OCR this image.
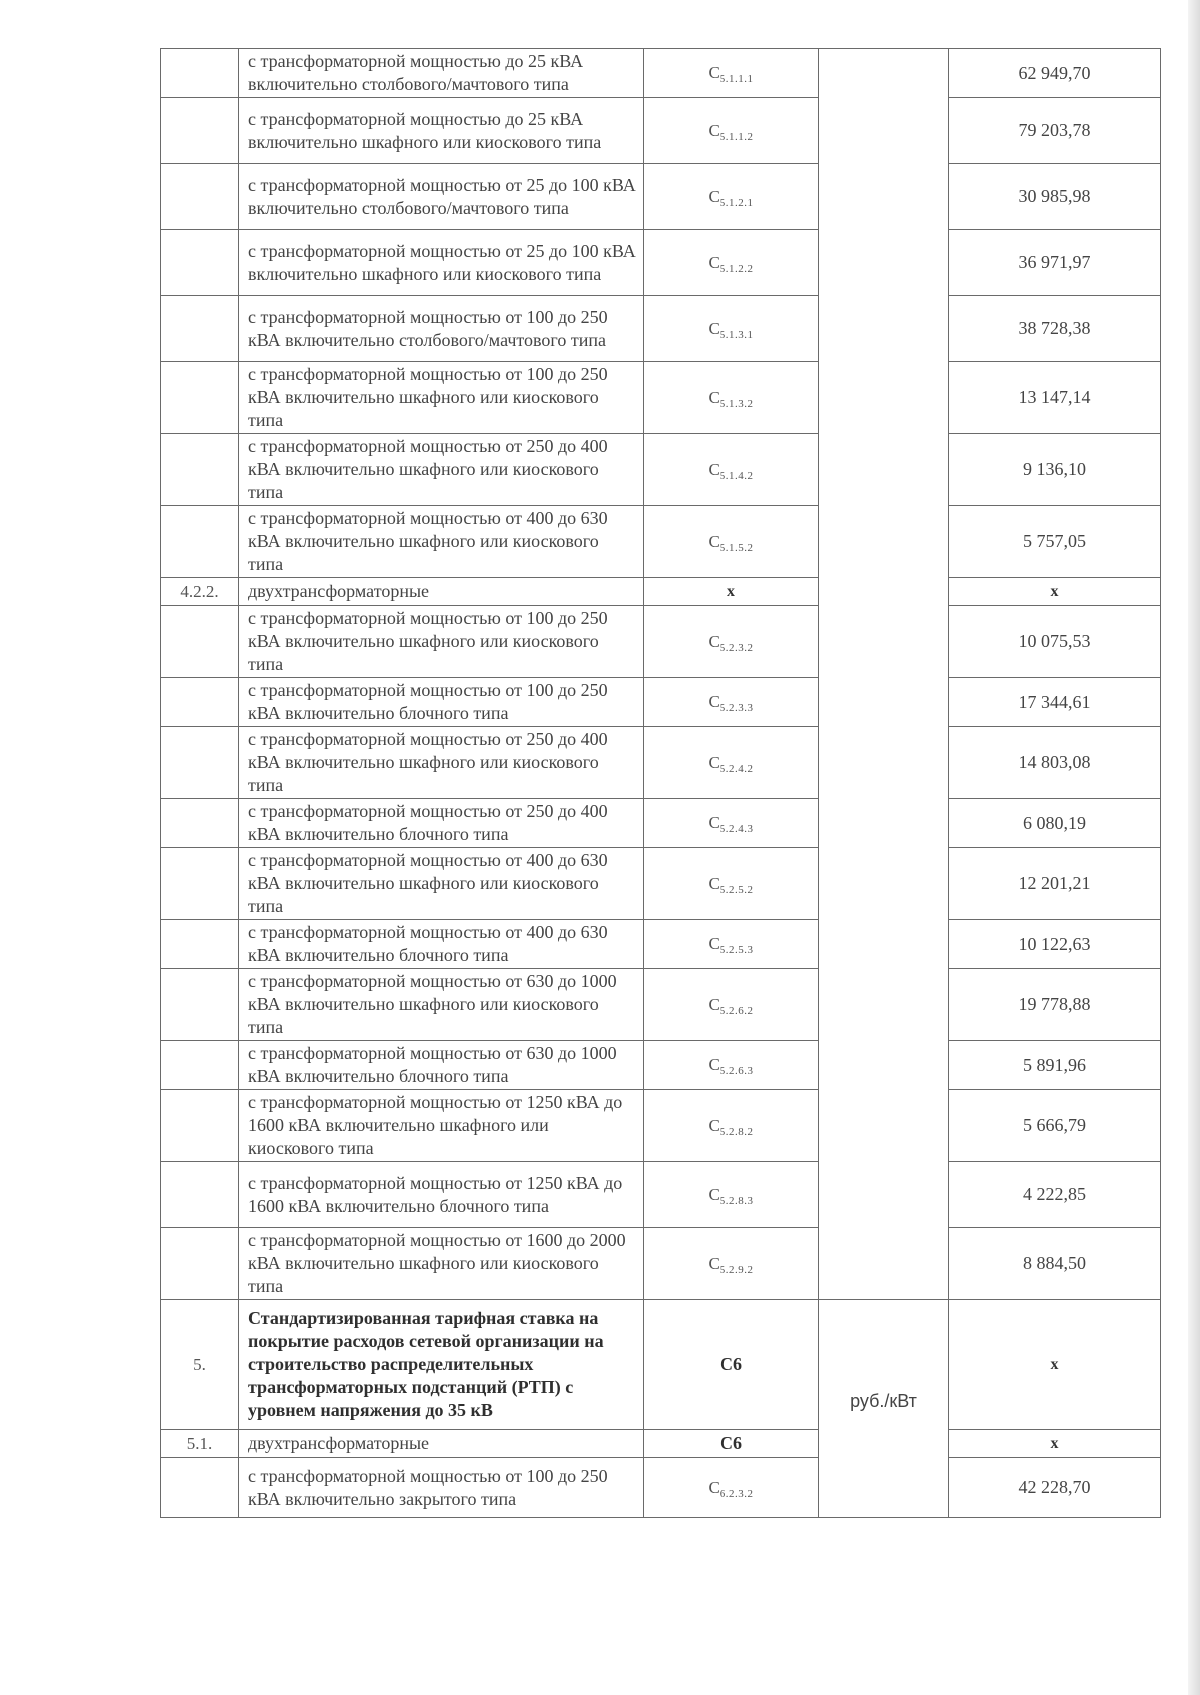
	с трансформаторной мощностью до 25 кВА включительно столбового/мачтового типа	$С_{5.1.1.1}$		62 949,70
	с трансформаторной мощностью до 25 кВА включительно шкафного или киоскового типа	$С_{5.1.1.2}$		79 203,78
	с трансформаторной мощностью от 25 до 100 кВА включительно столбового/мачтового типа	$С_{5.1.2.1}$		30 985,98
	с трансформаторной мощностью от 25 до 100 кВА включительно шкафного или киоскового типа	$С_{5.1.2.2}$		36 971,97
	с трансформаторной мощностью от 100 до 250 кВА включительно столбового/мачтового типа	$С_{5.1.3.1}$		38 728,38
	с трансформаторной мощностью от 100 до 250 кВА включительно шкафного или киоскового типа	$С_{5.1.3.2}$		13 147,14
	с трансформаторной мощностью от 250 до 400 кВА включительно шкафного или киоскового типа	$С_{5.1.4.2}$		9 136,10
	с трансформаторной мощностью от 400 до 630 кВА включительно шкафного или киоскового типа	$С_{5.1.5.2}$		5 757,05
4.2.2.	двухтрансформаторные	х		х
	с трансформаторной мощностью от 100 до 250 кВА включительно шкафного или киоскового типа	$С_{5.2.3.2}$		10 075,53
	с трансформаторной мощностью от 100 до 250 кВА включительно блочного типа	$С_{5.2.3.3}$		17 344,61
	с трансформаторной мощностью от 250 до 400 кВА включительно шкафного или киоскового типа	$С_{5.2.4.2}$		14 803,08
	с трансформаторной мощностью от 250 до 400 кВА включительно блочного типа	$С_{5.2.4.3}$		6 080,19
	с трансформаторной мощностью от 400 до 630 кВА включительно шкафного или киоскового типа	$С_{5.2.5.2}$		12 201,21
	с трансформаторной мощностью от 400 до 630 кВА включительно блочного типа	$С_{5.2.5.3}$		10 122,63
	с трансформаторной мощностью от 630 до 1000 кВА включительно шкафного или киоскового типа	$С_{5.2.6.2}$		19 778,88
	с трансформаторной мощностью от 630 до 1000 кВА включительно блочного типа	$С_{5.2.6.3}$		5 891,96
	с трансформаторной мощностью от 1250 кВА до 1600 кВА включительно шкафного или киоскового типа	$С_{5.2.8.2}$		5 666,79
	с трансформаторной мощностью от 1250 кВА до 1600 кВА включительно блочного типа	$С_{5.2.8.3}$		4 222,85
	с трансформаторной мощностью от 1600 до 2000 кВА включительно шкафного или киоскового типа	$С_{5.2.9.2}$		8 884,50
5.	Стандартизированная тарифная ставка на покрытие расходов сетевой организации на строительство распределительных трансформаторных подстанций (РТП) с уровнем напряжения до 35 кВ	С6	руб./кВт	х
5.1.	двухтрансформаторные	С6		х
	с трансформаторной мощностью от 100 до 250 кВА включительно закрытого типа	$С_{6.2.3.2}$		42 228,70
